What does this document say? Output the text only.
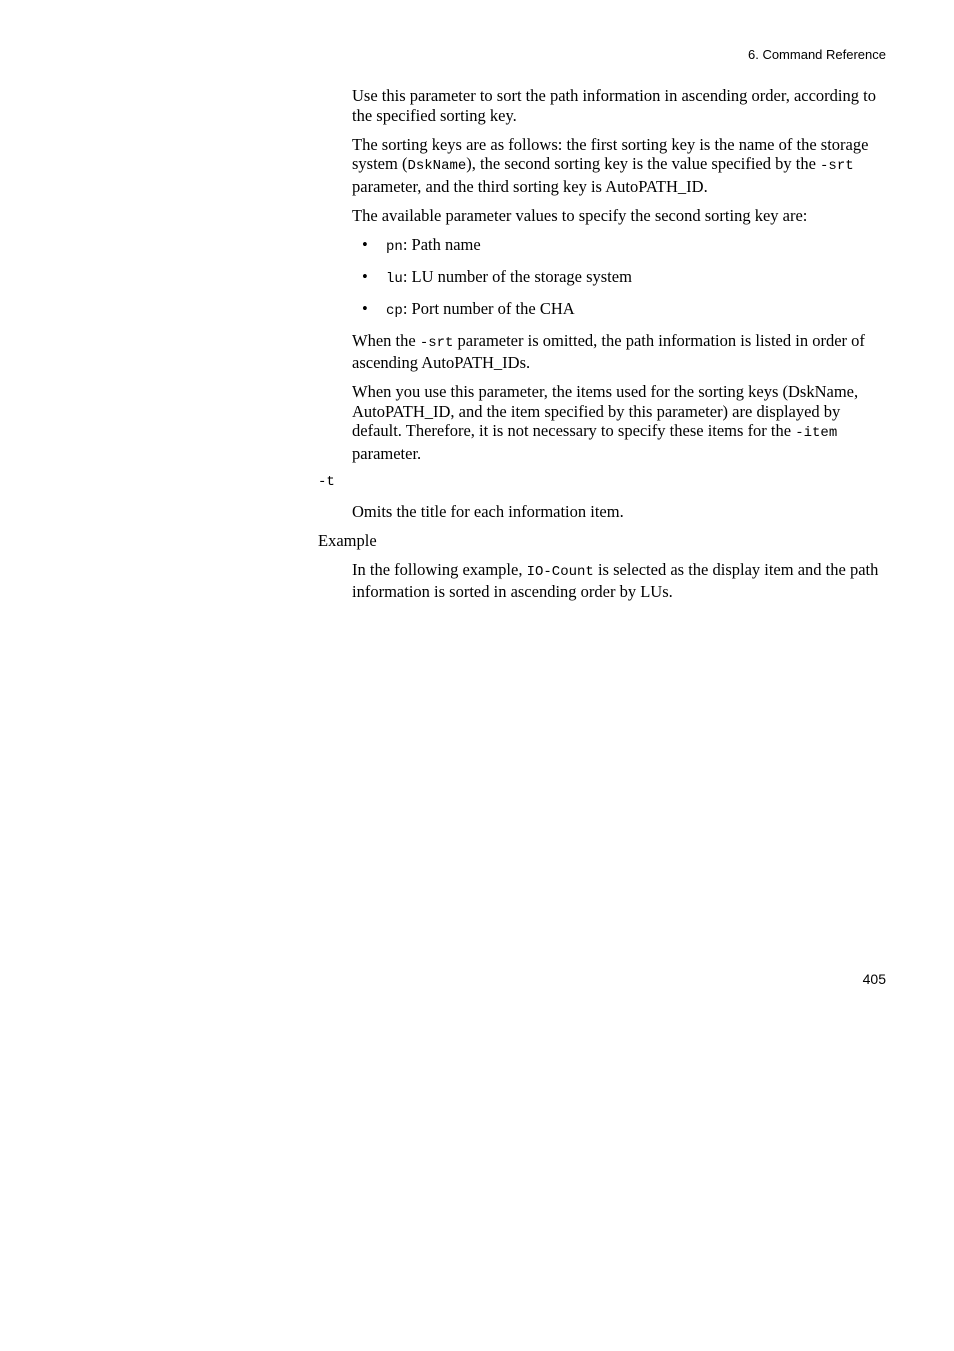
6. Command Reference

Use this parameter to sort the path information in ascending order, according to the specified sorting key.

The sorting keys are as follows: the first sorting key is the name of the storage system (DskName), the second sorting key is the value specified by the -srt parameter, and the third sorting key is AutoPATH_ID.

The available parameter values to specify the second sorting key are:

• pn: Path name
• lu: LU number of the storage system
• cp: Port number of the CHA

When the -srt parameter is omitted, the path information is listed in order of ascending AutoPATH_IDs.

When you use this parameter, the items used for the sorting keys (DskName, AutoPATH_ID, and the item specified by this parameter) are displayed by default. Therefore, it is not necessary to specify these items for the -item parameter.

-t

Omits the title for each information item.

Example

In the following example, IO-Count is selected as the display item and the path information is sorted in ascending order by LUs.

405
